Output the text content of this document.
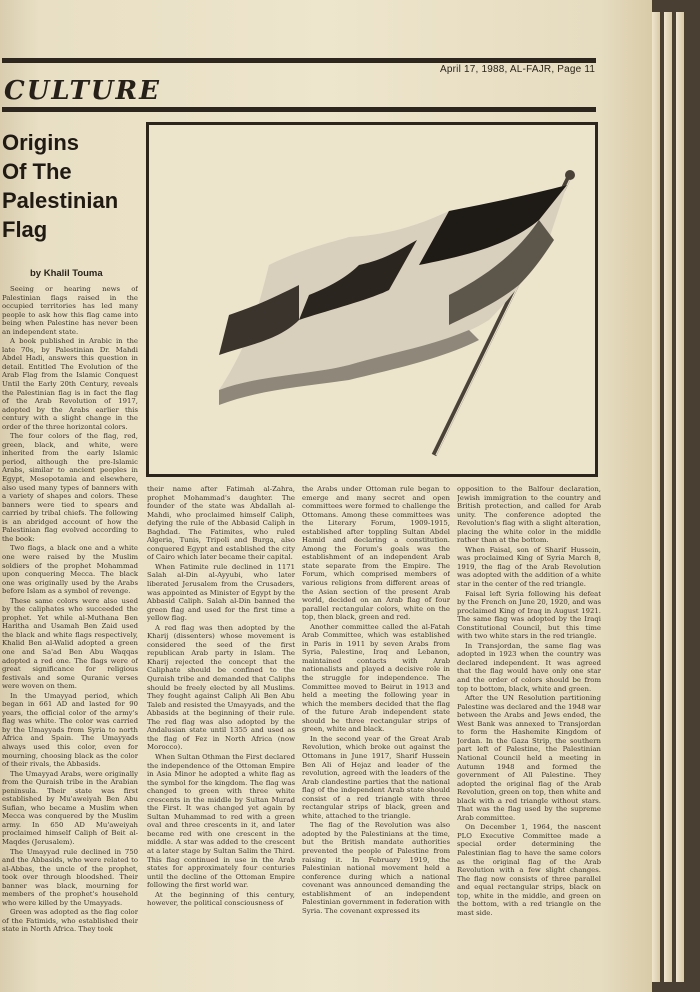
April 17, 1988, AL-FAJR, Page 11
CULTURE
Origins
Of The
Palestinian
Flag
by Khalil Touma

Seeing or hearing news of Palestinian flags raised in the occupied territories has led many people to ask how this flag came into being when Palestine has never been an independent state.

A book published in Arabic in the late 70s, by Palestinian Dr. Mahdi Abdel Hadi, answers this question in detail. Entitled The Evolution of the Arab Flag from the Islamic Conquest Until the Early 20th Century, reveals the Palestinian flag is in fact the flag of the Arab Revolution of 1917, adopted by the Arabs earlier this century with a slight change in the order of the three horizontal colors.

The four colors of the flag, red, green, black, and white, were inherited from the early Islamic period, although the pre-Islamic Arabs, similar to ancient peoples in Egypt, Mesopotamia and elsewhere, also used many types of banners with a variety of shapes and colors. These banners were tied to spears and carried by tribal chiefs. The following is an abridged account of how the Palestinian flag evolved according to the book:

Two flags, a black one and a white one were raised by the Muslim soldiers of the prophet Mohammad upon conquering Mecca. The black one was originally used by the Arabs before Islam as a symbol of revenge.

These same colors were also used by the caliphates who succeeded the prophet. Yet while al-Muthana Ben Haritha and Usamah Ben Zaid used the black and white flags respectively, Khalid Ben al-Walid adopted a green one and Sa'ad Ben Abu Waqqas adopted a red one. The flags were of great significance for religious festivals and some Quranic verses were woven on them.

In the Umayyad period, which began in 661 AD and lasted for 90 years, the official color of the army's flag was white. The color was carried by the Umayyads from Syria to north Africa and Spain. The Umayyads always used this color, even for mourning, choosing black as the color of their rivals, the Abbasids.

The Umayyad Arabs, were originally from the Quraish tribe in the Arabian peninsula. Their state was first established by Mu'aweiyah Ben Abu Sufian, who became a Muslim when Mecca was conquered by the Muslim army. In 650 AD Mu'aweiyah proclaimed himself Caliph of Beit al-Maqdes (Jerusalem).

The Umayyad rule declined in 750 and the Abbasids, who were related to al-Abbas, the uncle of the prophet, took over through bloodshed. Their banner was black, mourning for members of the prophet's household who were killed by the Umayyads.

Green was adopted as the flag color of the Fatimids, who established their state in North Africa. They took

their name after Fatimah al-Zahra, prophet Mohammad's daughter. The founder of the state was Abdallah al-Mahdi, who proclaimed himself Caliph, defying the rule of the Abbasid Caliph in Baghdad. The Fatimites, who ruled Algeria, Tunis, Tripoli and Burga, also conquered Egypt and established the city of Cairo which later became their capital.

When Fatimite rule declined in 1171 Salah al-Din al-Ayyubi, who later liberated Jerusalem from the Crusaders, was appointed as Minister of Egypt by the Abbasid Caliph. Salah al-Din banned the green flag and used for the first time a yellow flag.

A red flag was then adopted by the Kharij (dissenters) whose movement is considered the seed of the first republican Arab party in Islam. The Kharij rejected the concept that the Caliphate should be confined to the Quraish tribe and demanded that Caliphs should be freely elected by all Muslims. They fought against Caliph Ali Ben Abu Taleb and resisted the Umayyads, and the Abbasids at the beginning of their rule. The red flag was also adopted by the Andalusian state until 1355 and used as the flag of Fez in North Africa (now Morocco).

When Sultan Othman the First declared the independence of the Ottoman Empire in Asia Minor he adopted a white flag as the symbol for the kingdom. The flag was changed to green with three white crescents in the middle by Sultan Murad the First. It was changed yet again by Sultan Muhammad to red with a green oval and three crescents in it, and later became red with one crescent in the middle. A star was added to the crescent at a later stage by Sultan Salim the Third. This flag continued in use in the Arab states for approximately four centuries until the decline of the Ottoman Empire following the first world war.

At the beginning of this century, however, the political consciousness of

the Arabs under Ottoman rule began to emerge and many secret and open committees were formed to challenge the Ottomans. Among these committees was the Literary Forum, 1909-1915, established after toppling Sultan Abdel Hamid and declaring a constitution. Among the Forum's goals was the establishment of an independent Arab state separate from the Empire. The Forum, which comprised members of various religions from different areas of the Asian section of the present Arab world, decided on an Arab flag of four parallel rectangular colors, white on the top, then black, green and red.

Another committee called the al-Fatah Arab Committee, which was established in Paris in 1911 by seven Arabs from Syria, Palestine, Iraq and Lebanon, maintained contacts with Arab nationalists and played a decisive role in the struggle for independence. The Committee moved to Beirut in 1913 and held a meeting the following year in which the members decided that the flag of the future Arab independent state should be three rectangular strips of green, white and black.

In the second year of the Great Arab Revolution, which broke out against the Ottomans in June 1917, Sharif Hussein Ben Ali of Hejaz and leader of the revolution, agreed with the leaders of the Arab clandestine parties that the national flag of the independent Arab state should consist of a red triangle with three rectangular strips of black, green and white, attached to the triangle.

The flag of the Revolution was also adopted by the Palestinians at the time, but the British mandate authorities prevented the people of Palestine from raising it. In February 1919, the Palestinian national movement held a conference during which a national covenant was announced demanding the establishment of an independent Palestinian government in federation with Syria. The covenant expressed its

opposition to the Balfour declaration, Jewish immigration to the country and British protection, and called for Arab unity. The conference adopted the Revolution's flag with a slight alteration, placing the white color in the middle rather than at the bottom.

When Faisal, son of Sharif Hussein, was proclaimed King of Syria March 8, 1919, the flag of the Arab Revolution was adopted with the addition of a white star in the center of the red triangle.

Faisal left Syria following his defeat by the French on June 20, 1920, and was proclaimed King of Iraq in August 1921. The same flag was adopted by the Iraqi Constitutional Council, but this time with two white stars in the red triangle.

In Transjordan, the same flag was adopted in 1923 when the country was declared independent. It was agreed that the flag would have only one star and the order of colors should be from top to bottom, black, white and green.

After the UN Resolution partitioning Palestine was declared and the 1948 war between the Arabs and Jews ended, the West Bank was annexed to Transjordan to form the Hashemite Kingdom of Jordan. In the Gaza Strip, the southern part left of Palestine, the Palestinian National Council held a meeting in Autumn 1948 and formed the government of All Palestine. They adopted the original flag of the Arab Revolution, green on top, then white and black with a red triangle without stars. That was the flag used by the supreme Arab committee.

On December 1, 1964, the nascent PLO Executive Committee made a special order determining the Palestinian flag to have the same colors as the original flag of the Arab Revolution with a few slight changes. The flag now consists of three parallel and equal rectangular strips, black on top, white in the middle, and green on the bottom, with a red triangle on the mast side.
